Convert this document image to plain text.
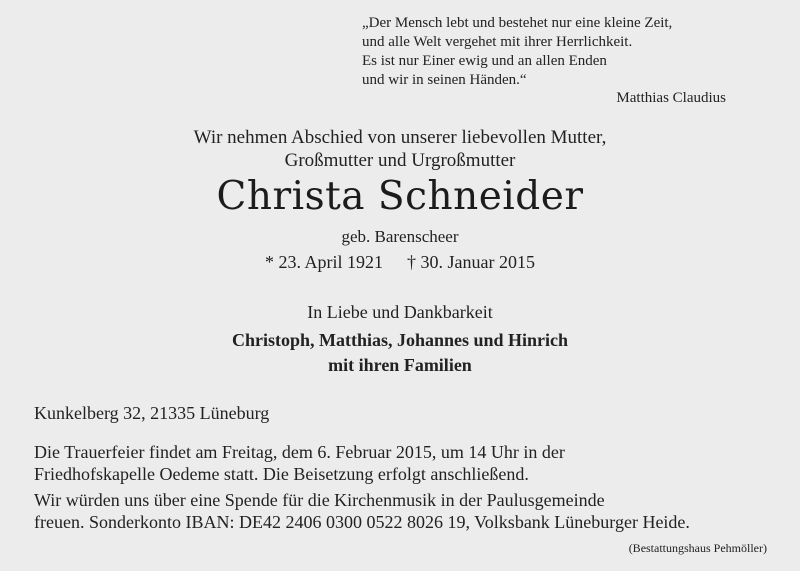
„Der Mensch lebt und bestehet nur eine kleine Zeit,
und alle Welt vergehet mit ihrer Herrlichkeit.
Es ist nur Einer ewig und an allen Enden
und wir in seinen Händen.“
Matthias Claudius
Wir nehmen Abschied von unserer liebevollen Mutter,
Großmutter und Urgroßmutter
Christa Schneider
geb. Barenscheer
* 23. April 1921 † 30. Januar 2015
In Liebe und Dankbarkeit
Christoph, Matthias, Johannes und Hinrich
mit ihren Familien
Kunkelberg 32, 21335 Lüneburg
Die Trauerfeier findet am Freitag, dem 6. Februar 2015, um 14 Uhr in der
Friedhofskapelle Oedeme statt. Die Beisetzung erfolgt anschließend.
Wir würden uns über eine Spende für die Kirchenmusik in der Paulusgemeinde
freuen. Sonderkonto IBAN: DE42 2406 0300 0522 8026 19, Volksbank Lüneburger Heide.
(Bestattungshaus Pehmöller)
